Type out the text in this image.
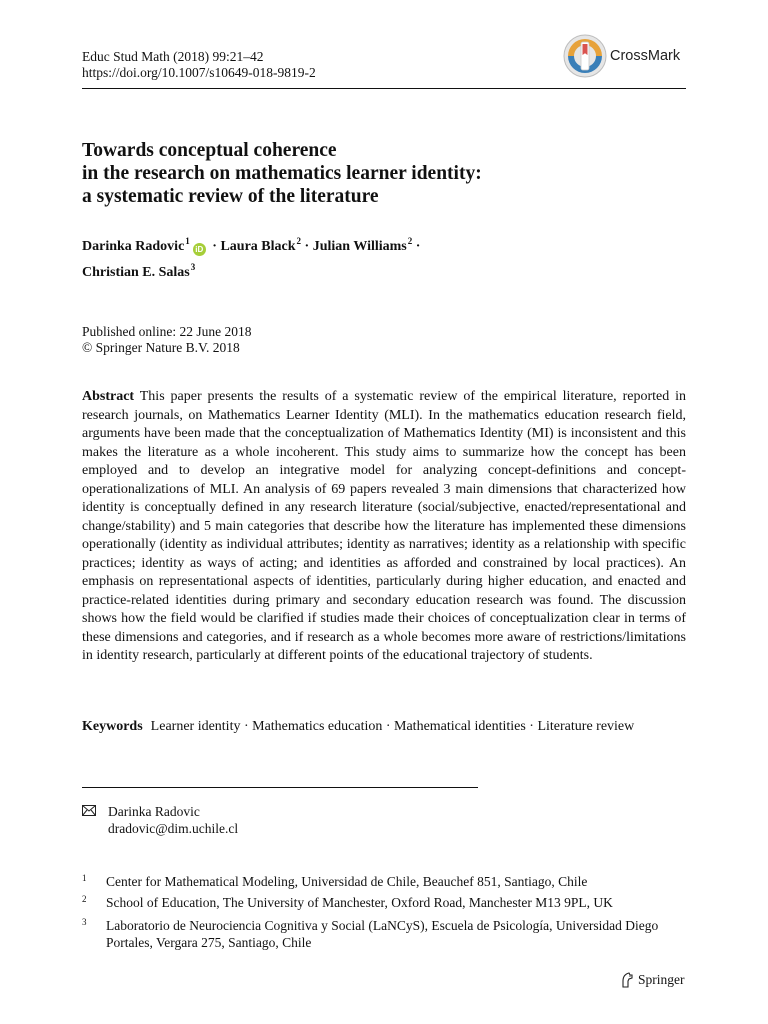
Educ Stud Math (2018) 99:21–42
https://doi.org/10.1007/s10649-018-9819-2
CrossMark
Towards conceptual coherence
in the research on mathematics learner identity:
a systematic review of the literature
Darinka Radovic$^1$iD · Laura Black$^2$ · Julian Williams$^2$ ·
Christian E. Salas$^3$
Published online: 22 June 2018
© Springer Nature B.V. 2018
Abstract This paper presents the results of a systematic review of the empirical literature, reported in research journals, on Mathematics Learner Identity (MLI). In the mathematics education research field, arguments have been made that the conceptualization of Mathematics Identity (MI) is inconsistent and this makes the literature as a whole incoherent. This study aims to summarize how the concept has been employed and to develop an integrative model for analyzing concept-definitions and concept-operationalizations of MLI. An analysis of 69 papers revealed 3 main dimensions that characterized how identity is conceptually defined in any research literature (social/subjective, enacted/representational and change/stability) and 5 main categories that describe how the literature has implemented these dimensions operationally (identity as individual attributes; identity as narratives; identity as a relationship with specific practices; identity as ways of acting; and identities as afforded and constrained by local practices). An emphasis on representational aspects of identities, particularly during higher education, and enacted and practice-related identities during primary and secondary education research was found. The discussion shows how the field would be clarified if studies made their choices of conceptualization clear in terms of these dimensions and categories, and if research as a whole becomes more aware of restrictions/limitations in identity research, particularly at different points of the educational trajectory of students.
Keywords Learner identity · Mathematics education · Mathematical identities · Literature review
Darinka Radovic
dradovic@dim.uchile.cl
1 Center for Mathematical Modeling, Universidad de Chile, Beauchef 851, Santiago, Chile
2 School of Education, The University of Manchester, Oxford Road, Manchester M13 9PL, UK
3 Laboratorio de Neurociencia Cognitiva y Social (LaNCyS), Escuela de Psicología, Universidad Diego Portales, Vergara 275, Santiago, Chile
Springer
